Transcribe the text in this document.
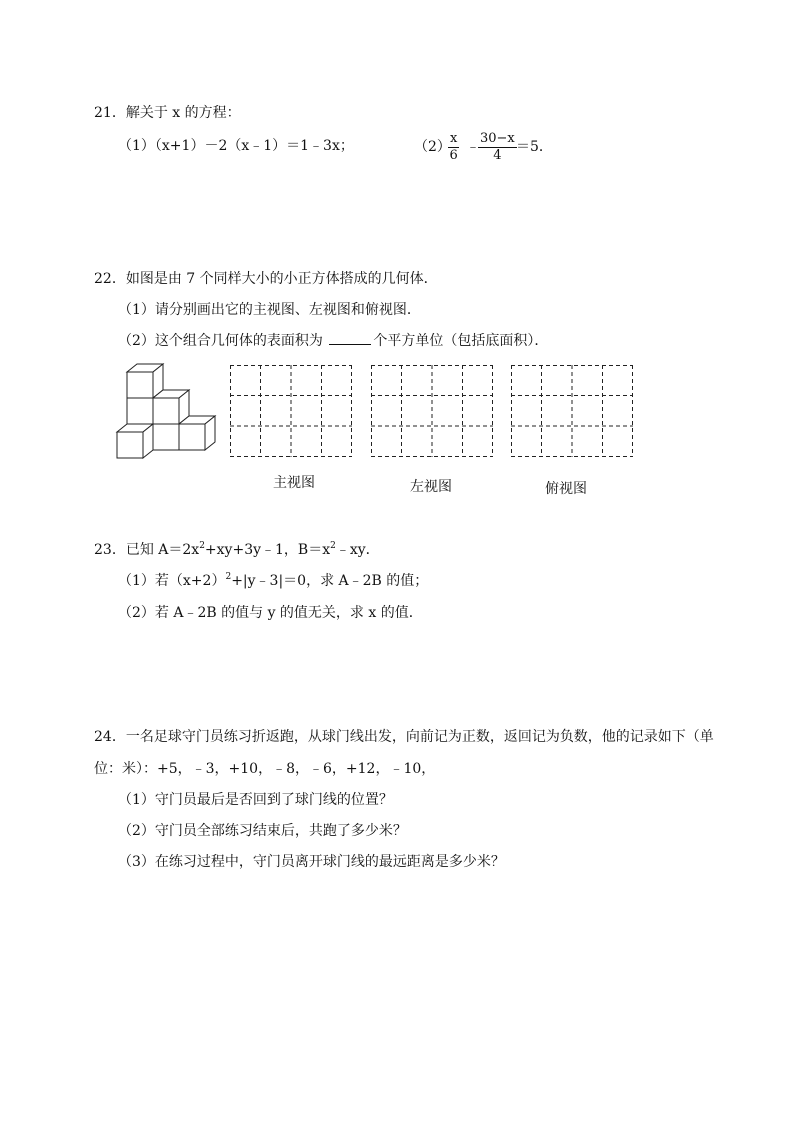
21．解关于 x 的方程：
（1）（x+1）－2（x﹣1）＝1﹣3x；	（2）
$\frac{x}{6}$ ﹣
$\frac{30-x}{4} =5$．
22．如图是由 7 个同样大小的小正方体搭成的几何体．
（1）请分别画出它的主视图、左视图和俯视图．
（2）这个组合几何体的表面积为	个平方单位（包括底面积）．
主视图	左视图	俯视图
23．已知 $A=2x^2+xy+3y﹣1$，$B=x^2﹣xy$．
（1）若$(x+2)^2+|y﹣3|=0$，求 A﹣2B 的值；
（2）若 A﹣2B 的值与 y 的值无关，求 x 的值．
24．一名足球守门员练习折返跑，从球门线出发，向前记为正数，返回记为负数，他的记录如下（单
位：米）：+5，﹣3，+10，﹣8，﹣6，+12，﹣10，
（1）守门员最后是否回到了球门线的位置？
（2）守门员全部练习结束后，共跑了多少米？
（3）在练习过程中，守门员离开球门线的最远距离是多少米？
